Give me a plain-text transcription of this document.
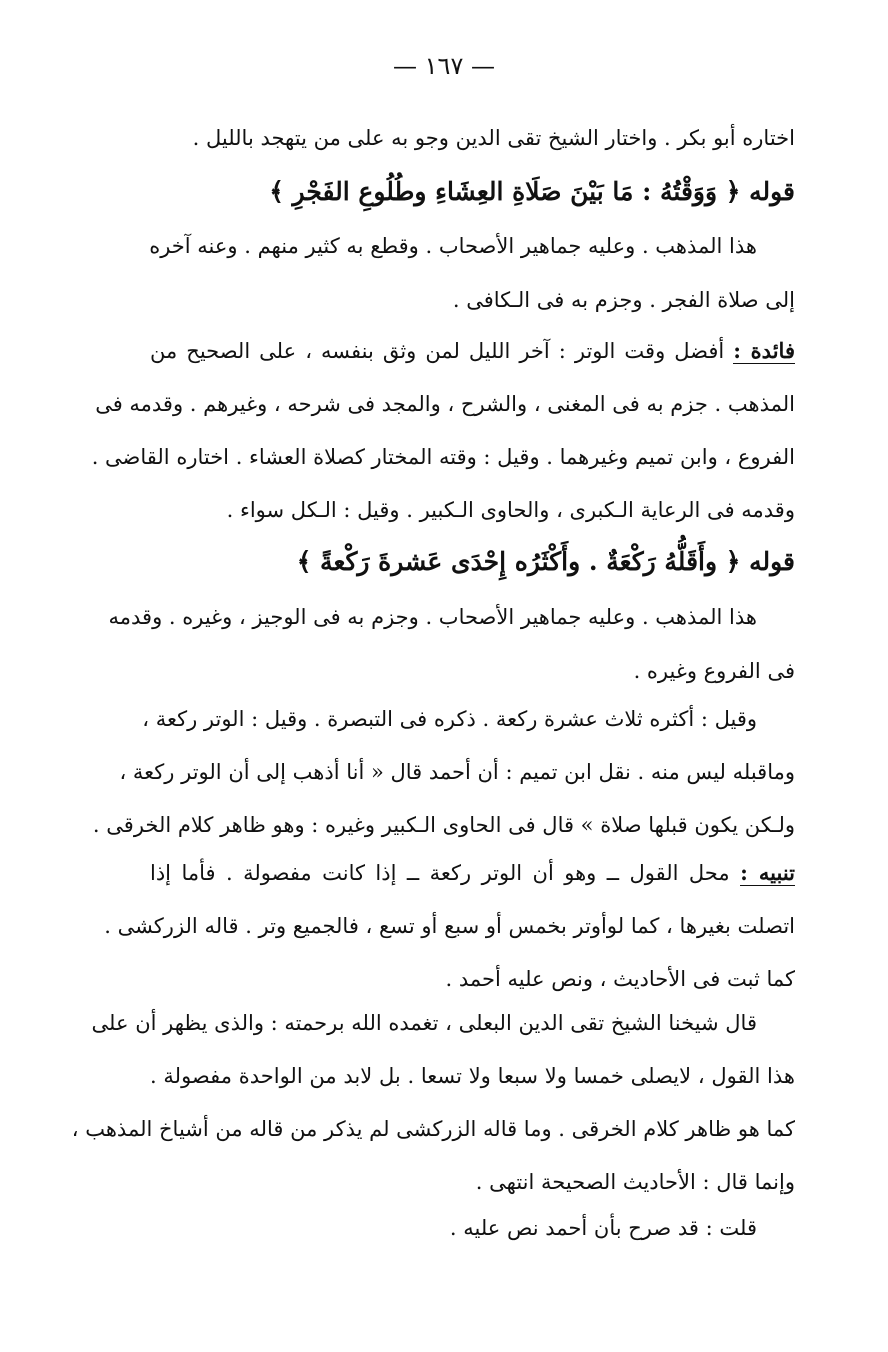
— ١٦٧ —
اختاره أبو بكر . واختار الشيخ تقى الدين وجو به على من يتهجد بالليل .
قوله ﴿ وَوَقْتُهُ : مَا بَيْنَ صَلَاةِ العِشَاءِ وطُلُوعِ الفَجْرِ ﴾
هذا المذهب . وعليه جماهير الأصحاب . وقطع به كثير منهم . وعنه آخره
إلى صلاة الفجر . وجزم به فى الـكافى .
فائدة : أفضل وقت الوتر : آخر الليل لمن وثق بنفسه ، على الصحيح من
المذهب . جزم به فى المغنى ، والشرح ، والمجد فى شرحه ، وغيرهم . وقدمه فى
الفروع ، وابن تميم وغيرهما . وقيل : وقته المختار كصلاة العشاء . اختاره القاضى .
وقدمه فى الرعاية الـكبرى ، والحاوى الـكبير . وقيل : الـكل سواء .
قوله ﴿ وأَقَلُّهُ رَكْعَةٌ . وأَكْثَرُه إِحْدَى عَشرةَ رَكْعةً ﴾
هذا المذهب . وعليه جماهير الأصحاب . وجزم به فى الوجيز ، وغيره . وقدمه
فى الفروع وغيره .
وقيل : أكثره ثلاث عشرة ركعة . ذكره فى التبصرة . وقيل : الوتر ركعة ،
وماقبله ليس منه . نقل ابن تميم : أن أحمد قال « أنا أذهب إلى أن الوتر ركعة ،
ولـكن يكون قبلها صلاة » قال فى الحاوى الـكبير وغيره : وهو ظاهر كلام الخرقى .
تنبيه : محل القول ــ وهو أن الوتر ركعة ــ إذا كانت مفصولة . فأما إذا
اتصلت بغيرها ، كما لوأوتر بخمس أو سبع أو تسع ، فالجميع وتر . قاله الزركشى .
كما ثبت فى الأحاديث ، ونص عليه أحمد .
قال شيخنا الشيخ تقى الدين البعلى ، تغمده الله برحمته : والذى يظهر أن على
هذا القول ، لايصلى خمسا ولا سبعا ولا تسعا . بل لابد من الواحدة مفصولة .
كما هو ظاهر كلام الخرقى . وما قاله الزركشى لم يذكر من قاله من أشياخ المذهب ،
وإنما قال : الأحاديث الصحيحة انتهى .
قلت : قد صرح بأن أحمد نص عليه .
